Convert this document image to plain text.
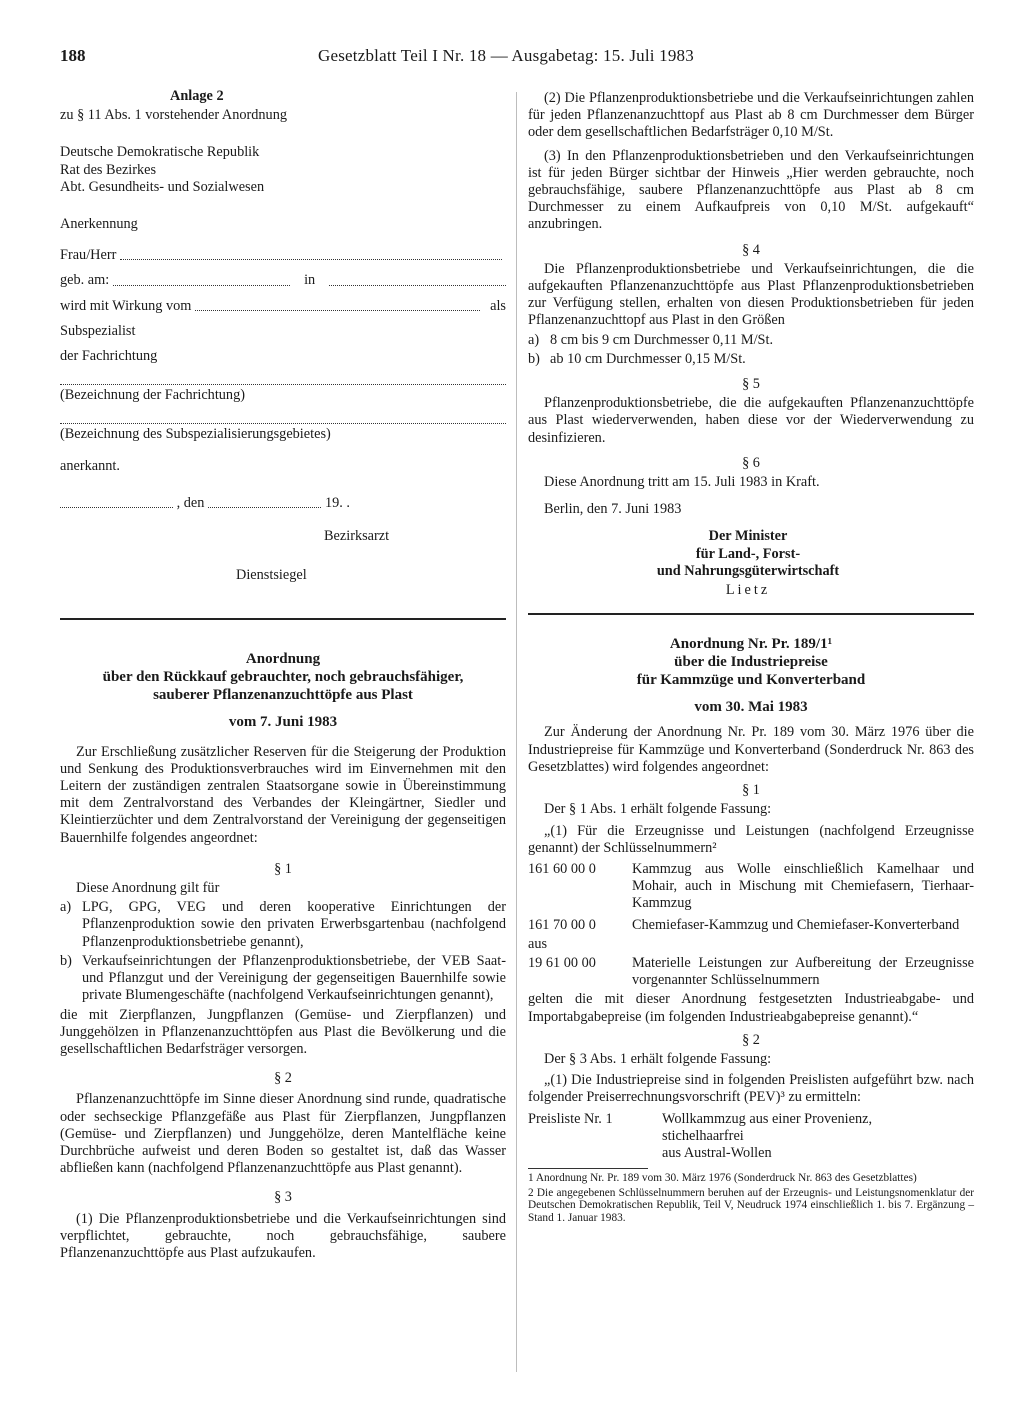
188	Gesetzblatt Teil I Nr. 18 — Ausgabetag: 15. Juli 1983

Anlage 2

zu § 11 Abs. 1 vorstehender Anordnung

Deutsche Demokratische Republik

Rat des Bezirkes

Abt. Gesundheits- und Sozialwesen

Anerkennung

Frau/Herr
geb. am:	in
wird mit Wirkung vom	als

Subspezialist

der Fachrichtung

(Bezeichnung der Fachrichtung)

(Bezeichnung des Subspezialisierungsgebietes)

anerkannt.

, den	19. .

Bezirksarzt

Dienstsiegel

Anordnung

über den Rückkauf gebrauchter, noch gebrauchsfähiger,

sauberer Pflanzenanzuchttöpfe aus Plast

vom 7. Juni 1983

Zur Erschließung zusätzlicher Reserven für die Steigerung der Produktion und Senkung des Produktionsverbrauches wird im Einvernehmen mit den Leitern der zuständigen zentralen Staatsorgane sowie in Übereinstimmung mit dem Zentralvorstand des Verbandes der Kleingärtner, Siedler und Kleintierzüchter und dem Zentralvorstand der Vereinigung der gegenseitigen Bauernhilfe folgendes angeordnet:

§ 1

Diese Anordnung gilt für

a) LPG, GPG, VEG und deren kooperative Einrichtungen der Pflanzenproduktion sowie den privaten Erwerbsgartenbau (nachfolgend Pflanzenproduktionsbetriebe genannt),
b) Verkaufseinrichtungen der Pflanzenproduktionsbetriebe, der VEB Saat- und Pflanzgut und der Vereinigung der gegenseitigen Bauernhilfe sowie private Blumengeschäfte (nachfolgend Verkaufseinrichtungen genannt),

die mit Zierpflanzen, Jungpflanzen (Gemüse- und Zierpflanzen) und Junggehölzen in Pflanzenanzuchttöpfen aus Plast die Bevölkerung und die gesellschaftlichen Bedarfsträger versorgen.

§ 2

Pflanzenanzuchttöpfe im Sinne dieser Anordnung sind runde, quadratische oder sechseckige Pflanzgefäße aus Plast für Zierpflanzen, Jungpflanzen (Gemüse- und Zierpflanzen) und Junggehölze, deren Mantelfläche keine Durchbrüche aufweist und deren Boden so gestaltet ist, daß das Wasser abfließen kann (nachfolgend Pflanzenanzuchttöpfe aus Plast genannt).

§ 3

(1) Die Pflanzenproduktionsbetriebe und die Verkaufseinrichtungen sind verpflichtet, gebrauchte, noch gebrauchsfähige, saubere Pflanzenanzuchttöpfe aus Plast aufzukaufen.

(2) Die Pflanzenproduktionsbetriebe und die Verkaufseinrichtungen zahlen für jeden Pflanzenanzuchttopf aus Plast ab 8 cm Durchmesser dem Bürger oder dem gesellschaftlichen Bedarfsträger 0,10 M/St.

(3) In den Pflanzenproduktionsbetrieben und den Verkaufseinrichtungen ist für jeden Bürger sichtbar der Hinweis „Hier werden gebrauchte, noch gebrauchsfähige, saubere Pflanzenanzuchttöpfe aus Plast ab 8 cm Durchmesser zu einem Aufkaufpreis von 0,10 M/St. aufgekauft“ anzubringen.

§ 4

Die Pflanzenproduktionsbetriebe und Verkaufseinrichtungen, die die aufgekauften Pflanzenanzuchttöpfe aus Plast Pflanzenproduktionsbetrieben zur Verfügung stellen, erhalten von diesen Produktionsbetrieben für jeden Pflanzenanzuchttopf aus Plast in den Größen

a) 8 cm bis 9 cm Durchmesser 0,11 M/St.
b) ab 10 cm Durchmesser 0,15 M/St.

§ 5

Pflanzenproduktionsbetriebe, die die aufgekauften Pflanzenanzuchttöpfe aus Plast wiederverwenden, haben diese vor der Wiederverwendung zu desinfizieren.

§ 6

Diese Anordnung tritt am 15. Juli 1983 in Kraft.

Berlin, den 7. Juni 1983

Der Minister

für Land-, Forst-

und Nahrungsgüterwirtschaft

Lietz

Anordnung Nr. Pr. 189/1¹

über die Industriepreise

für Kammzüge und Konverterband

vom 30. Mai 1983

Zur Änderung der Anordnung Nr. Pr. 189 vom 30. März 1976 über die Industriepreise für Kammzüge und Konverterband (Sonderdruck Nr. 863 des Gesetzblattes) wird folgendes angeordnet:

§ 1

Der § 1 Abs. 1 erhält folgende Fassung:

„(1) Für die Erzeugnisse und Leistungen (nachfolgend Erzeugnisse genannt) der Schlüsselnummern²

161 60 00 0	Kammzug aus Wolle einschließlich Kamelhaar und Mohair, auch in Mischung mit Chemiefasern, Tierhaar-Kammzug
161 70 00 0	Chemiefaser-Kammzug und Chemiefaser-Konverterband

aus

19 61 00 00	Materielle Leistungen zur Aufbereitung der Erzeugnisse vorgenannter Schlüsselnummern

gelten die mit dieser Anordnung festgesetzten Industrieabgabe- und Importabgabepreise (im folgenden Industrieabgabepreise genannt).“

§ 2

Der § 3 Abs. 1 erhält folgende Fassung:

„(1) Die Industriepreise sind in folgenden Preislisten aufgeführt bzw. nach folgender Preiserrechnungsvorschrift (PEV)³ zu ermitteln:

Preisliste Nr. 1	Wollkammzug aus einer Provenienz,
stichelhaarfrei
aus Austral-Wollen

1 Anordnung Nr. Pr. 189 vom 30. März 1976 (Sonderdruck Nr. 863 des Gesetzblattes)

2 Die angegebenen Schlüsselnummern beruhen auf der Erzeugnis- und Leistungsnomenklatur der Deutschen Demokratischen Republik, Teil V, Neudruck 1974 einschließlich 1. bis 7. Ergänzung – Stand 1. Januar 1983.
